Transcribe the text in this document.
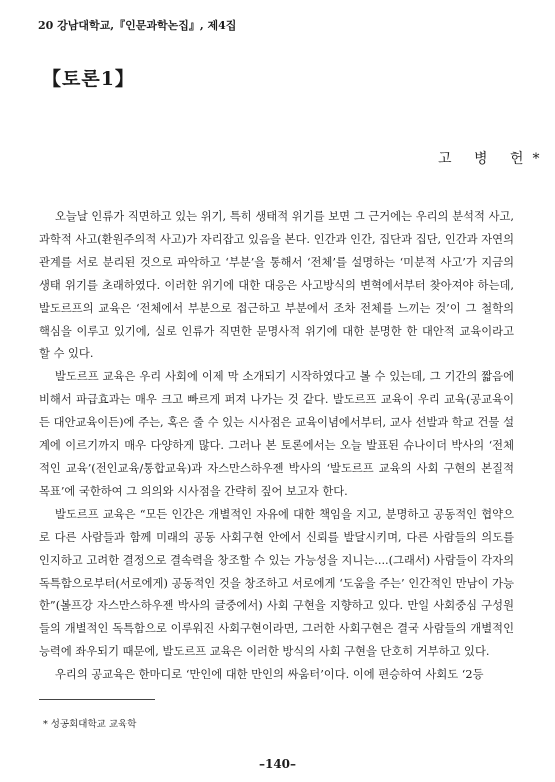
20 강남대학교,『인문과학논집』, 제4집
【토론1】
고 병 헌*

오늘날 인류가 직면하고 있는 위기, 특히 생태적 위기를 보면 그 근거에는 우리의 분석적 사고, 과학적 사고(환원주의적 사고)가 자리잡고 있음을 본다. 인간과 인간, 집단과 집단, 인간과 자연의 관계를 서로 분리된 것으로 파악하고 ‘부분’을 통해서 ‘전체’를 설명하는 ‘미분적 사고’가 지금의 생태 위기를 초래하였다. 이러한 위기에 대한 대응은 사고방식의 변혁에서부터 찾아져야 하는데, 발도르프의 교육은 ‘전체에서 부분으로 접근하고 부분에서 조차 전체를 느끼는 것’이 그 철학의 핵심을 이루고 있기에, 실로 인류가 직면한 문명사적 위기에 대한 분명한 한 대안적 교육이라고 할 수 있다.

발도르프 교육은 우리 사회에 이제 막 소개되기 시작하였다고 볼 수 있는데, 그 기간의 짧음에 비해서 파급효과는 매우 크고 빠르게 퍼져 나가는 것 같다. 발도르프 교육이 우리 교육(공교육이든 대안교육이든)에 주는, 혹은 줄 수 있는 시사점은 교육이념에서부터, 교사 선발과 학교 건물 설계에 이르기까지 매우 다양하게 많다. 그러나 본 토론에서는 오늘 발표된 슈나이더 박사의 ‘전체적인 교육’(전인교육/통합교육)과 자스만스하우젠 박사의 ‘발도르프 교육의 사회 구현의 본질적 목표’에 국한하여 그 의의와 시사점을 간략히 짚어 보고자 한다.

발도르프 교육은 “모든 인간은 개별적인 자유에 대한 책임을 지고, 분명하고 공동적인 협약으로 다른 사람들과 함께 미래의 공동 사회구현 안에서 신뢰를 발달시키며, 다른 사람들의 의도를 인지하고 고려한 결정으로 결속력을 창조할 수 있는 가능성을 지니는....(그래서) 사람들이 각자의 독특함으로부터(서로에게) 공동적인 것을 창조하고 서로에게 ‘도움을 주는’ 인간적인 만남이 가능한”(볼프강 자스만스하우젠 박사의 글중에서) 사회 구현을 지향하고 있다. 만일 사회중심 구성원들의 개별적인 독특함으로 이루워진 사회구현이라면, 그러한 사회구현은 결국 사람들의 개별적인 능력에 좌우되기 때문에, 발도르프 교육은 이러한 방식의 사회 구현을 단호히 거부하고 있다.

우리의 공교육은 한마디로 ‘만인에 대한 만인의 싸움터’이다. 이에 편승하여 사회도 ‘2등

* 성공회대학교 교육학
–140–
